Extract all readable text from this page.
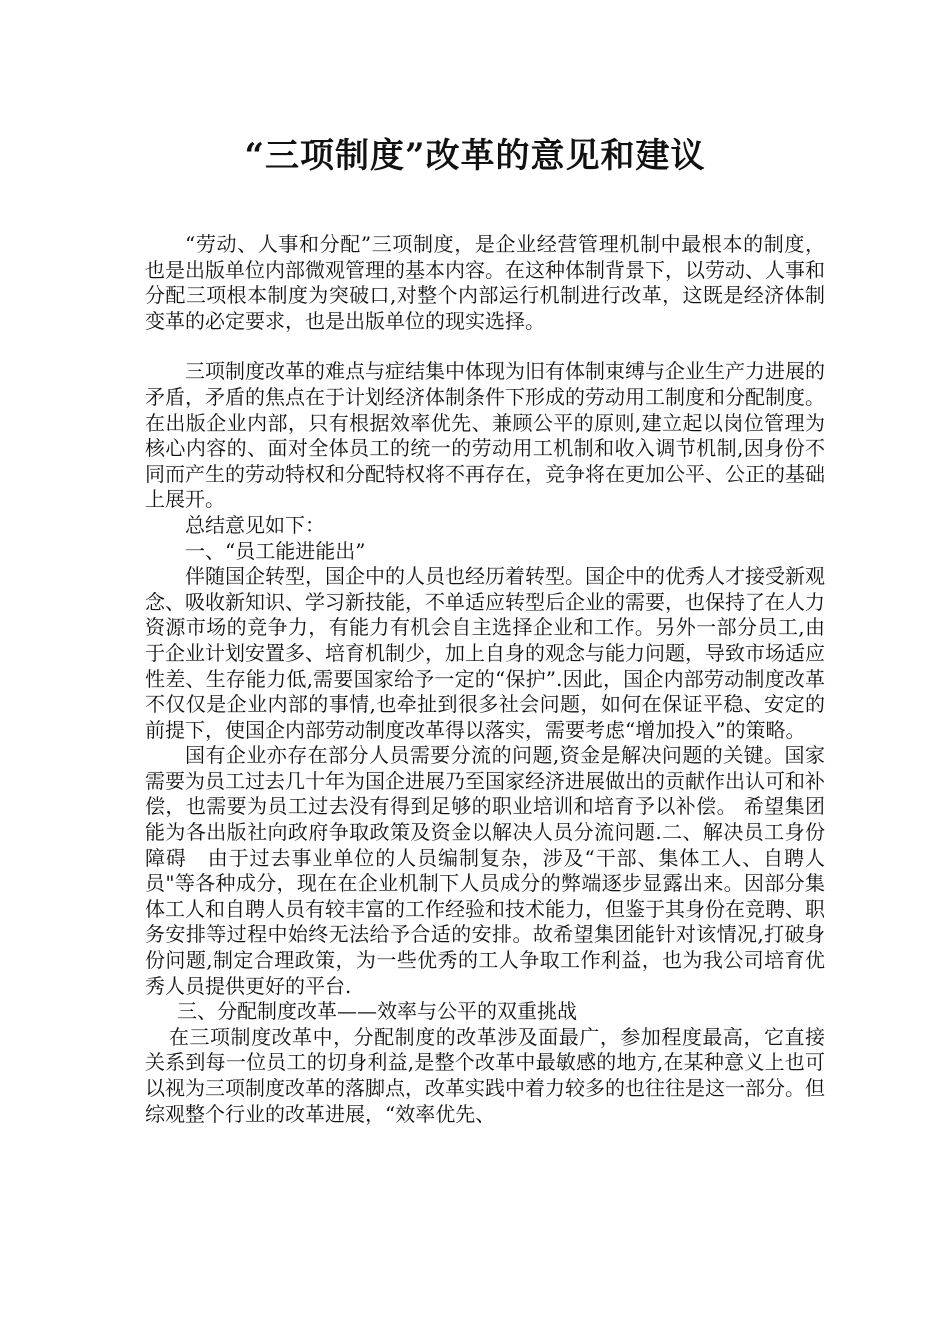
“三项制度”改革的意见和建议

“劳动、人事和分配”三项制度，是企业经营管理机制中最根本的制度，也是出版单位内部微观管理的基本内容。在这种体制背景下，以劳动、人事和分配三项根本制度为突破口,对整个内部运行机制进行改革，这既是经济体制变革的必定要求，也是出版单位的现实选择。

三项制度改革的难点与症结集中体现为旧有体制束缚与企业生产力进展的矛盾，矛盾的焦点在于计划经济体制条件下形成的劳动用工制度和分配制度。在出版企业内部，只有根据效率优先、兼顾公平的原则,建立起以岗位管理为核心内容的、面对全体员工的统一的劳动用工机制和收入调节机制,因身份不同而产生的劳动特权和分配特权将不再存在，竞争将在更加公平、公正的基础上展开。

总结意见如下：

一、“员工能进能出”

伴随国企转型，国企中的人员也经历着转型。国企中的优秀人才接受新观念、吸收新知识、学习新技能，不单适应转型后企业的需要，也保持了在人力资源市场的竞争力，有能力有机会自主选择企业和工作。另外一部分员工,由于企业计划安置多、培育机制少，加上自身的观念与能力问题，导致市场适应性差、生存能力低,需要国家给予一定的“保护”.因此，国企内部劳动制度改革不仅仅是企业内部的事情,也牵扯到很多社会问题，如何在保证平稳、安定的前提下，使国企内部劳动制度改革得以落实，需要考虑“增加投入”的策略。

国有企业亦存在部分人员需要分流的问题,资金是解决问题的关键。国家需要为员工过去几十年为国企进展乃至国家经济进展做出的贡献作出认可和补偿，也需要为员工过去没有得到足够的职业培训和培育予以补偿。 希望集团能为各出版社向政府争取政策及资金以解决人员分流问题.二、解决员工身份障碍　由于过去事业单位的人员编制复杂，涉及“干部、集体工人、自聘人员"等各种成分，现在在企业机制下人员成分的弊端逐步显露出来。因部分集体工人和自聘人员有较丰富的工作经验和技术能力，但鉴于其身份在竞聘、职务安排等过程中始终无法给予合适的安排。故希望集团能针对该情况,打破身份问题,制定合理政策，为一些优秀的工人争取工作利益，也为我公司培育优秀人员提供更好的平台.

三、分配制度改革——效率与公平的双重挑战

在三项制度改革中，分配制度的改革涉及面最广，参加程度最高，它直接关系到每一位员工的切身利益,是整个改革中最敏感的地方,在某种意义上也可以视为三项制度改革的落脚点，改革实践中着力较多的也往往是这一部分。但综观整个行业的改革进展，“效率优先、
